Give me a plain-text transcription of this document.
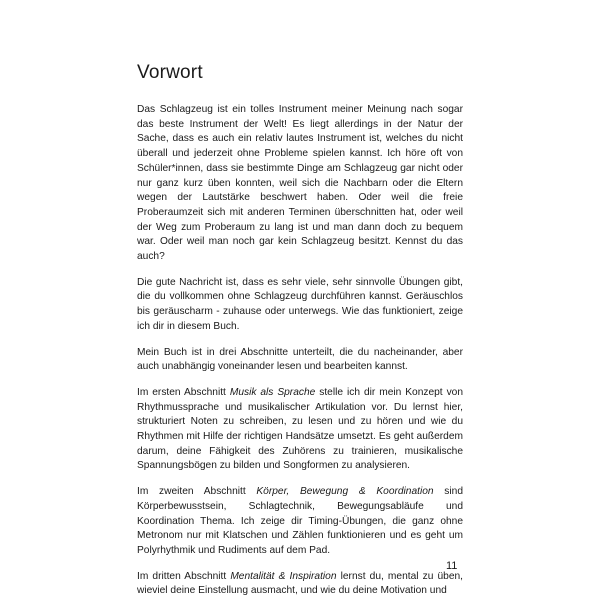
Vorwort

Das Schlagzeug ist ein tolles Instrument meiner Meinung nach sogar das beste Instrument der Welt! Es liegt allerdings in der Natur der Sache, dass es auch ein relativ lautes Instrument ist, welches du nicht überall und jederzeit ohne Probleme spielen kannst. Ich höre oft von Schüler*innen, dass sie bestimmte Dinge am Schlagzeug gar nicht oder nur ganz kurz üben konnten, weil sich die Nachbarn oder die Eltern wegen der Lautstärke beschwert haben. Oder weil die freie Proberaumzeit sich mit anderen Terminen überschnitten hat, oder weil der Weg zum Proberaum zu lang ist und man dann doch zu bequem war. Oder weil man noch gar kein Schlagzeug besitzt. Kennst du das auch?

Die gute Nachricht ist, dass es sehr viele, sehr sinnvolle Übungen gibt, die du vollkommen ohne Schlagzeug durchführen kannst. Geräuschlos bis geräuscharm - zuhause oder unterwegs. Wie das funktioniert, zeige ich dir in diesem Buch.

Mein Buch ist in drei Abschnitte unterteilt, die du nacheinander, aber auch unabhängig voneinander lesen und bearbeiten kannst.

Im ersten Abschnitt Musik als Sprache stelle ich dir mein Konzept von Rhythmussprache und musikalischer Artikulation vor. Du lernst hier, strukturiert Noten zu schreiben, zu lesen und zu hören und wie du Rhythmen mit Hilfe der richtigen Handsätze umsetzt. Es geht außerdem darum, deine Fähigkeit des Zuhörens zu trainieren, musikalische Spannungsbögen zu bilden und Songformen zu analysieren.

Im zweiten Abschnitt Körper, Bewegung & Koordination sind Körperbewusstsein, Schlagtechnik, Bewegungsabläufe und Koordination Thema. Ich zeige dir Timing-Übungen, die ganz ohne Metronom nur mit Klatschen und Zählen funktionieren und es geht um Polyrhythmik und Rudiments auf dem Pad.

Im dritten Abschnitt Mentalität & Inspiration lernst du, mental zu üben, wieviel deine Einstellung ausmacht, und wie du deine Motivation und

11
